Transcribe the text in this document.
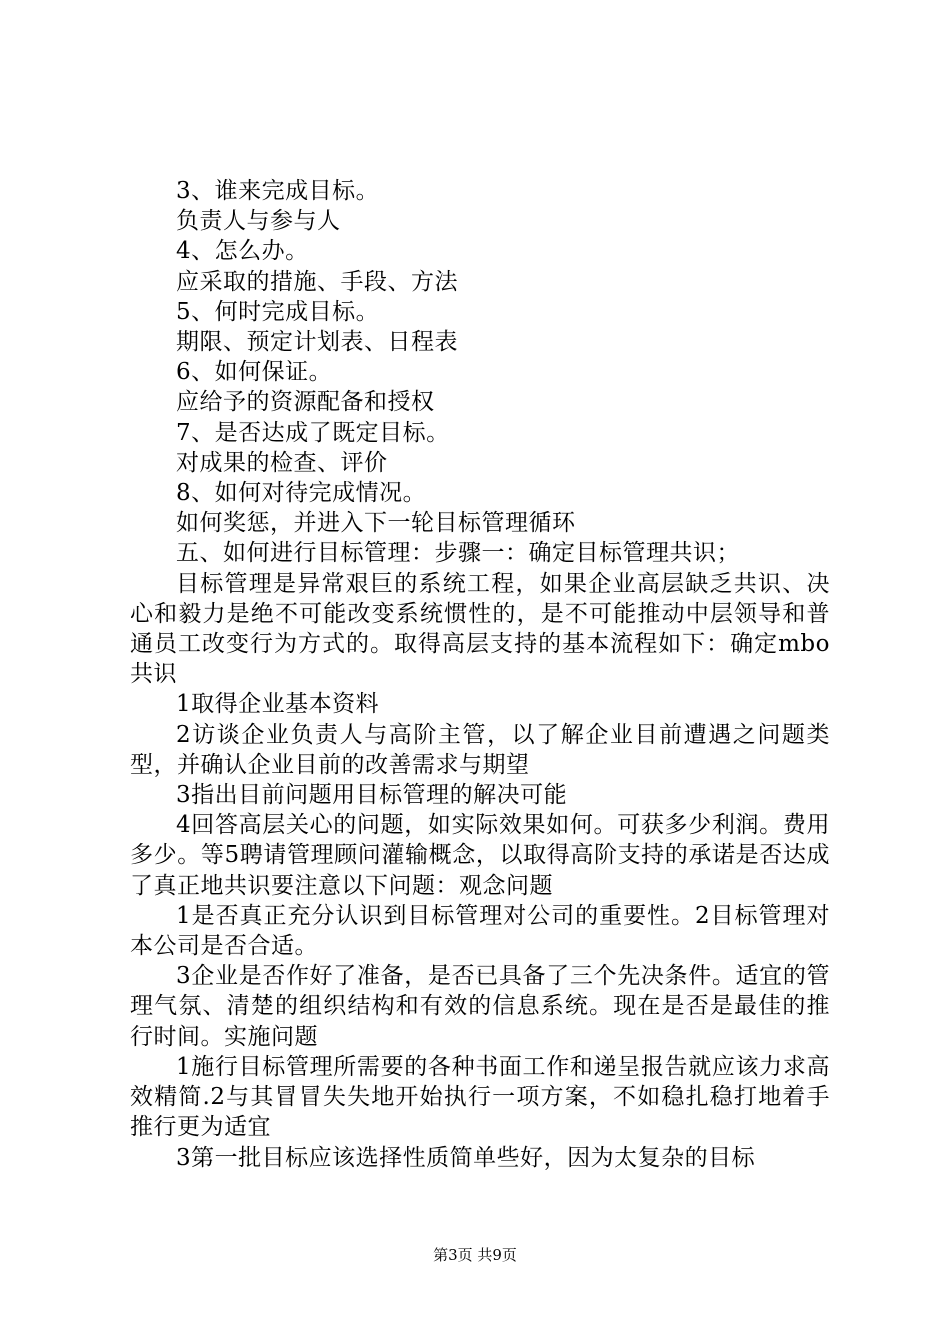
3、谁来完成目标。
负责人与参与人
4、怎么办。
应采取的措施、手段、方法
5、何时完成目标。
期限、预定计划表、日程表
6、如何保证。
应给予的资源配备和授权
7、是否达成了既定目标。
对成果的检查、评价
8、如何对待完成情况。
如何奖惩，并进入下一轮目标管理循环
五、如何进行目标管理：步骤一：确定目标管理共识；
目标管理是异常艰巨的系统工程，如果企业高层缺乏共识、决心和毅力是绝不可能改变系统惯性的，是不可能推动中层领导和普通员工改变行为方式的。取得高层支持的基本流程如下：确定mbo共识
1取得企业基本资料
2访谈企业负责人与高阶主管，以了解企业目前遭遇之问题类型，并确认企业目前的改善需求与期望
3指出目前问题用目标管理的解决可能
4回答高层关心的问题，如实际效果如何。可获多少利润。费用多少。等5聘请管理顾问灌输概念，以取得高阶支持的承诺是否达成了真正地共识要注意以下问题：观念问题
1是否真正充分认识到目标管理对公司的重要性。2目标管理对本公司是否合适。
3企业是否作好了准备，是否已具备了三个先决条件。适宜的管理气氛、清楚的组织结构和有效的信息系统。现在是否是最佳的推行时间。实施问题
1施行目标管理所需要的各种书面工作和递呈报告就应该力求高效精简.2与其冒冒失失地开始执行一项方案，不如稳扎稳打地着手推行更为适宜
3第一批目标应该选择性质简单些好，因为太复杂的目标
第3页 共9页
